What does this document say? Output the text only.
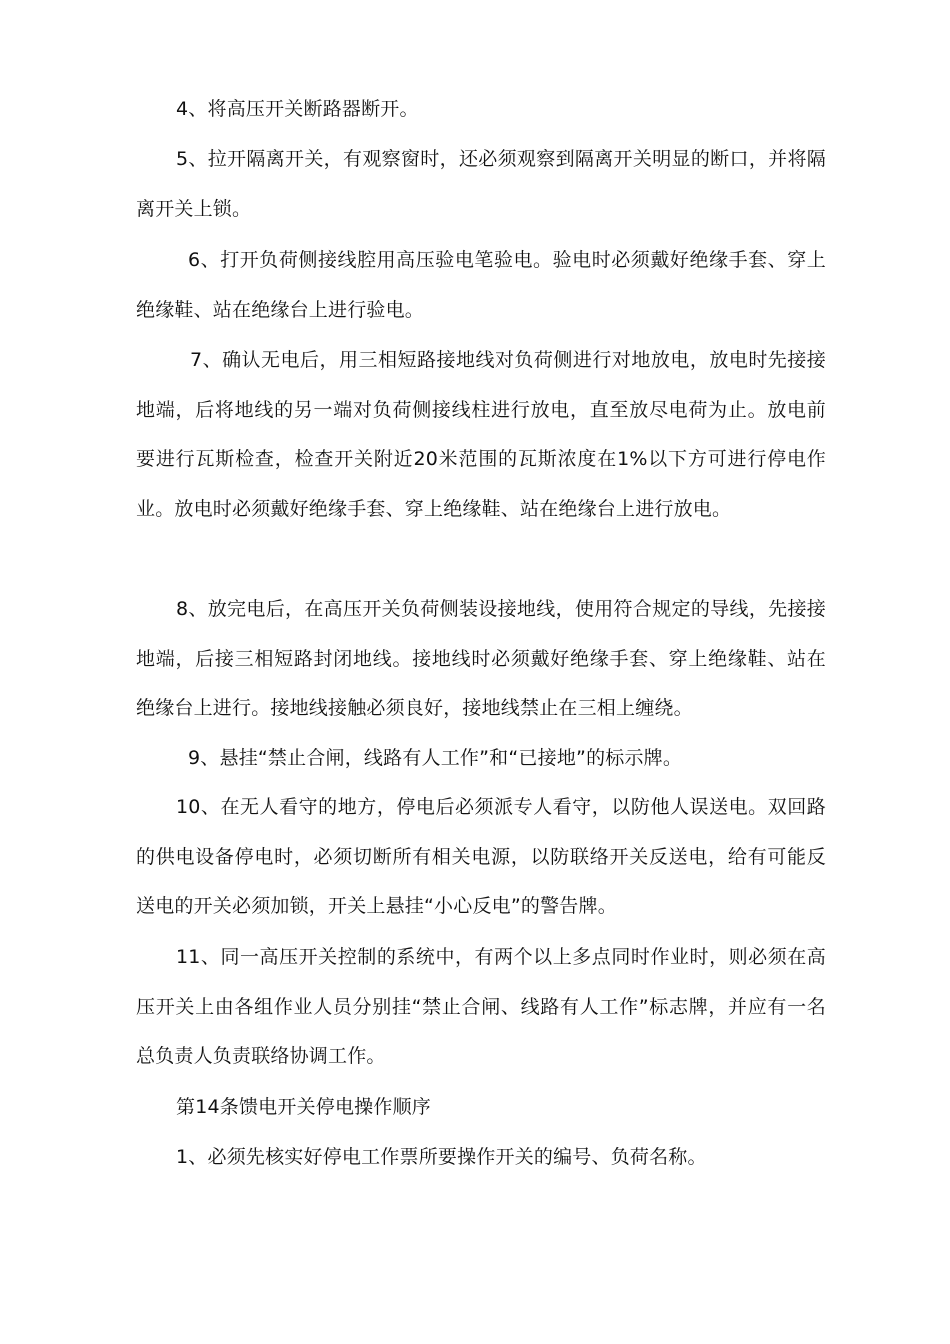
4、将高压开关断路器断开。

5、拉开隔离开关，有观察窗时，还必须观察到隔离开关明显的断口，并将隔离开关上锁。

6、打开负荷侧接线腔用高压验电笔验电。验电时必须戴好绝缘手套、穿上绝缘鞋、站在绝缘台上进行验电。

7、确认无电后，用三相短路接地线对负荷侧进行对地放电，放电时先接接地端，后将地线的另一端对负荷侧接线柱进行放电，直至放尽电荷为止。放电前要进行瓦斯检查，检查开关附近20米范围的瓦斯浓度在1%以下方可进行停电作业。放电时必须戴好绝缘手套、穿上绝缘鞋、站在绝缘台上进行放电。

8、放完电后，在高压开关负荷侧装设接地线，使用符合规定的导线，先接接地端，后接三相短路封闭地线。接地线时必须戴好绝缘手套、穿上绝缘鞋、站在绝缘台上进行。接地线接触必须良好，接地线禁止在三相上缠绕。

9、悬挂“禁止合闸，线路有人工作”和“已接地”的标示牌。

10、在无人看守的地方，停电后必须派专人看守，以防他人误送电。双回路的供电设备停电时，必须切断所有相关电源，以防联络开关反送电，给有可能反送电的开关必须加锁，开关上悬挂“小心反电”的警告牌。

11、同一高压开关控制的系统中，有两个以上多点同时作业时，则必须在高压开关上由各组作业人员分别挂“禁止合闸、线路有人工作”标志牌，并应有一名总负责人负责联络协调工作。

第14条馈电开关停电操作顺序

1、必须先核实好停电工作票所要操作开关的编号、负荷名称。
